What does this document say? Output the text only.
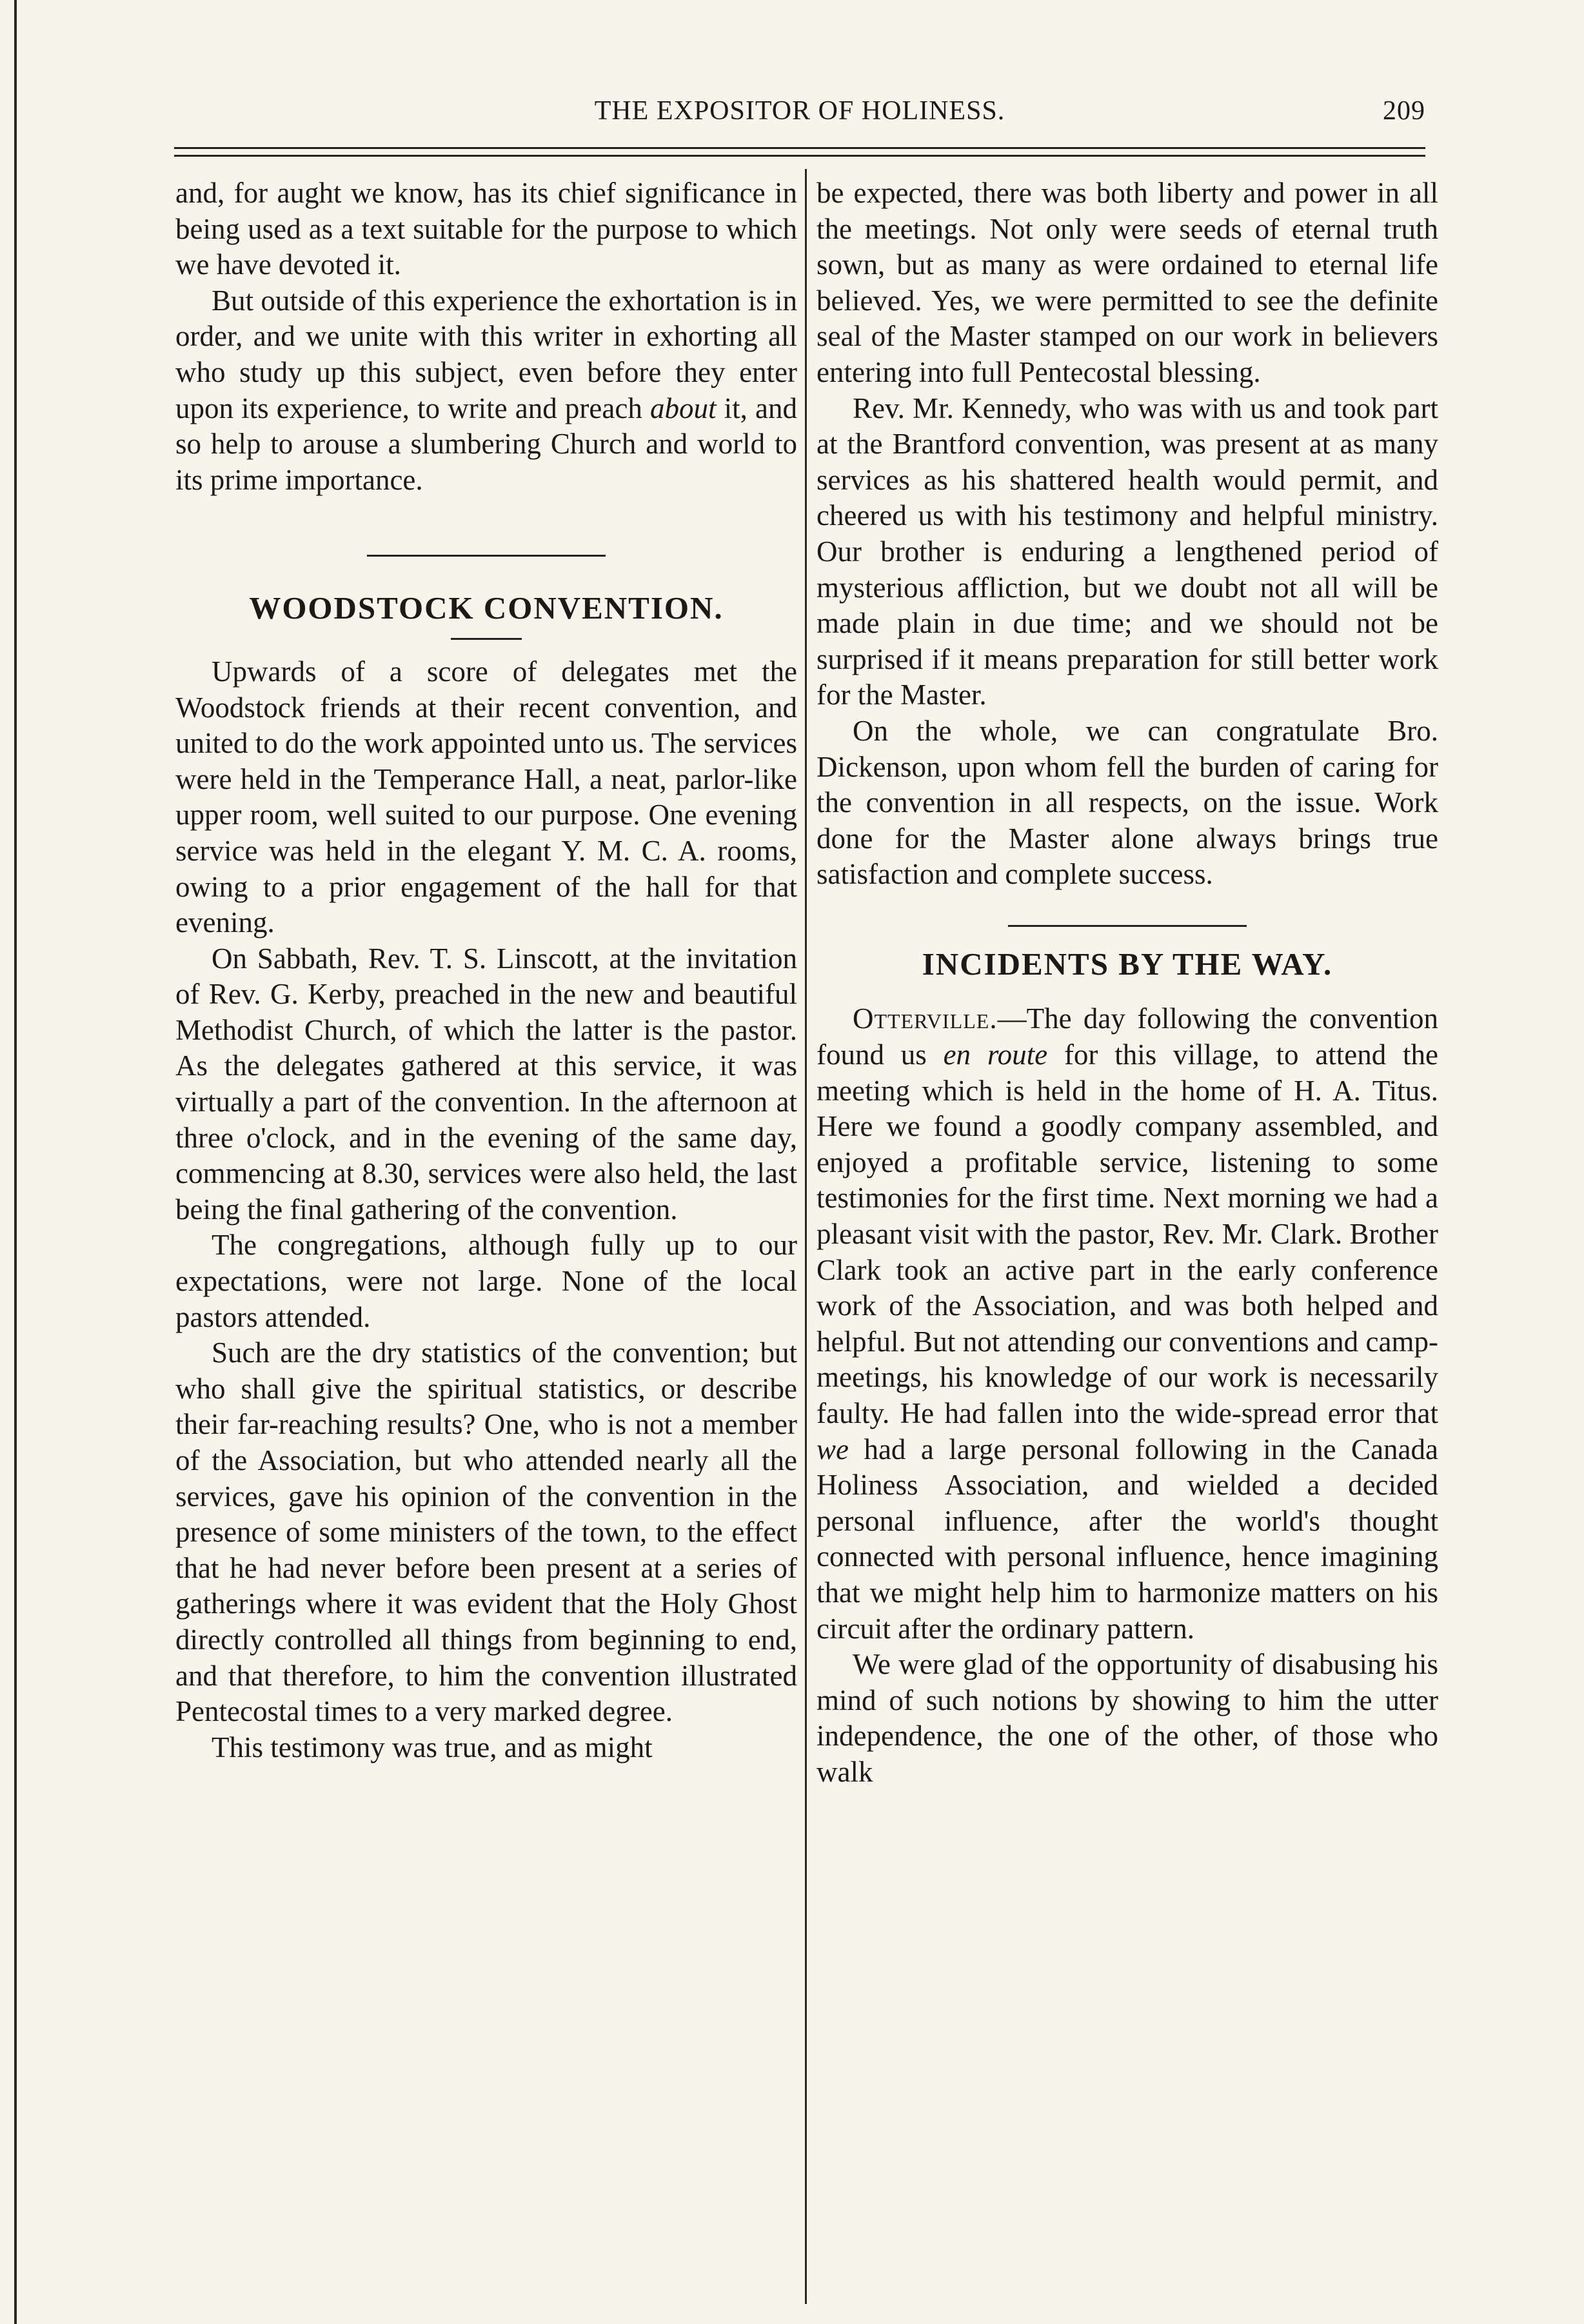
THE EXPOSITOR OF HOLINESS.	209

and, for aught we know, has its chief significance in being used as a text suitable for the purpose to which we have devoted it.

But outside of this experience the exhortation is in order, and we unite with this writer in exhorting all who study up this subject, even before they enter upon its experience, to write and preach about it, and so help to arouse a slumbering Church and world to its prime importance.

WOODSTOCK CONVENTION.

Upwards of a score of delegates met the Woodstock friends at their recent convention, and united to do the work appointed unto us. The services were held in the Temperance Hall, a neat, parlor-like upper room, well suited to our purpose. One evening service was held in the elegant Y. M. C. A. rooms, owing to a prior engagement of the hall for that evening.

On Sabbath, Rev. T. S. Linscott, at the invitation of Rev. G. Kerby, preached in the new and beautiful Methodist Church, of which the latter is the pastor. As the delegates gathered at this service, it was virtually a part of the convention. In the afternoon at three o'clock, and in the evening of the same day, commencing at 8.30, services were also held, the last being the final gathering of the convention.

The congregations, although fully up to our expectations, were not large. None of the local pastors attended.

Such are the dry statistics of the convention; but who shall give the spiritual statistics, or describe their far-reaching results? One, who is not a member of the Association, but who attended nearly all the services, gave his opinion of the convention in the presence of some ministers of the town, to the effect that he had never before been present at a series of gatherings where it was evident that the Holy Ghost directly controlled all things from beginning to end, and that therefore, to him the convention illustrated Pentecostal times to a very marked degree.

This testimony was true, and as might

be expected, there was both liberty and power in all the meetings. Not only were seeds of eternal truth sown, but as many as were ordained to eternal life believed. Yes, we were permitted to see the definite seal of the Master stamped on our work in believers entering into full Pentecostal blessing.

Rev. Mr. Kennedy, who was with us and took part at the Brantford convention, was present at as many services as his shattered health would permit, and cheered us with his testimony and helpful ministry. Our brother is enduring a lengthened period of mysterious affliction, but we doubt not all will be made plain in due time; and we should not be surprised if it means preparation for still better work for the Master.

On the whole, we can congratulate Bro. Dickenson, upon whom fell the burden of caring for the convention in all respects, on the issue. Work done for the Master alone always brings true satisfaction and complete success.

INCIDENTS BY THE WAY.

Otterville.—The day following the convention found us en route for this village, to attend the meeting which is held in the home of H. A. Titus. Here we found a goodly company assembled, and enjoyed a profitable service, listening to some testimonies for the first time. Next morning we had a pleasant visit with the pastor, Rev. Mr. Clark. Brother Clark took an active part in the early conference work of the Association, and was both helped and helpful. But not attending our conventions and camp-meetings, his knowledge of our work is necessarily faulty. He had fallen into the wide-spread error that we had a large personal following in the Canada Holiness Association, and wielded a decided personal influence, after the world's thought connected with personal influence, hence imagining that we might help him to harmonize matters on his circuit after the ordinary pattern.

We were glad of the opportunity of disabusing his mind of such notions by showing to him the utter independence, the one of the other, of those who walk
